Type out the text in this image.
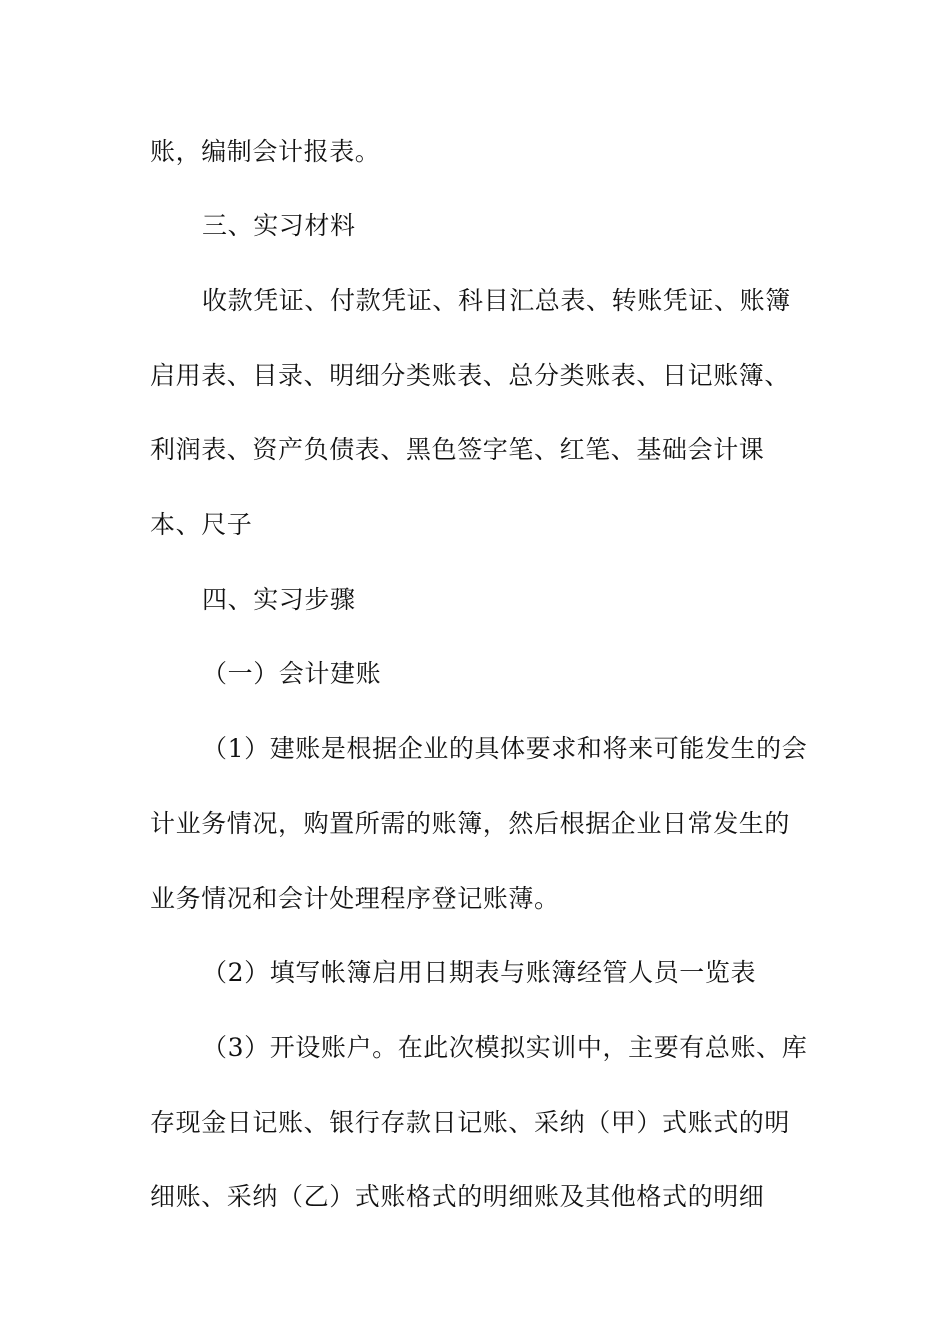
账，编制会计报表。
三、实习材料
收款凭证、付款凭证、科目汇总表、转账凭证、账簿
启用表、目录、明细分类账表、总分类账表、日记账簿、
利润表、资产负债表、黑色签字笔、红笔、基础会计课
本、尺子
四、实习步骤
（一）会计建账
（1）建账是根据企业的具体要求和将来可能发生的会
计业务情况，购置所需的账簿，然后根据企业日常发生的
业务情况和会计处理程序登记账薄。
（2）填写帐簿启用日期表与账簿经管人员一览表
（3）开设账户。在此次模拟实训中，主要有总账、库
存现金日记账、银行存款日记账、采纳（甲）式账式的明
细账、采纳（乙）式账格式的明细账及其他格式的明细
